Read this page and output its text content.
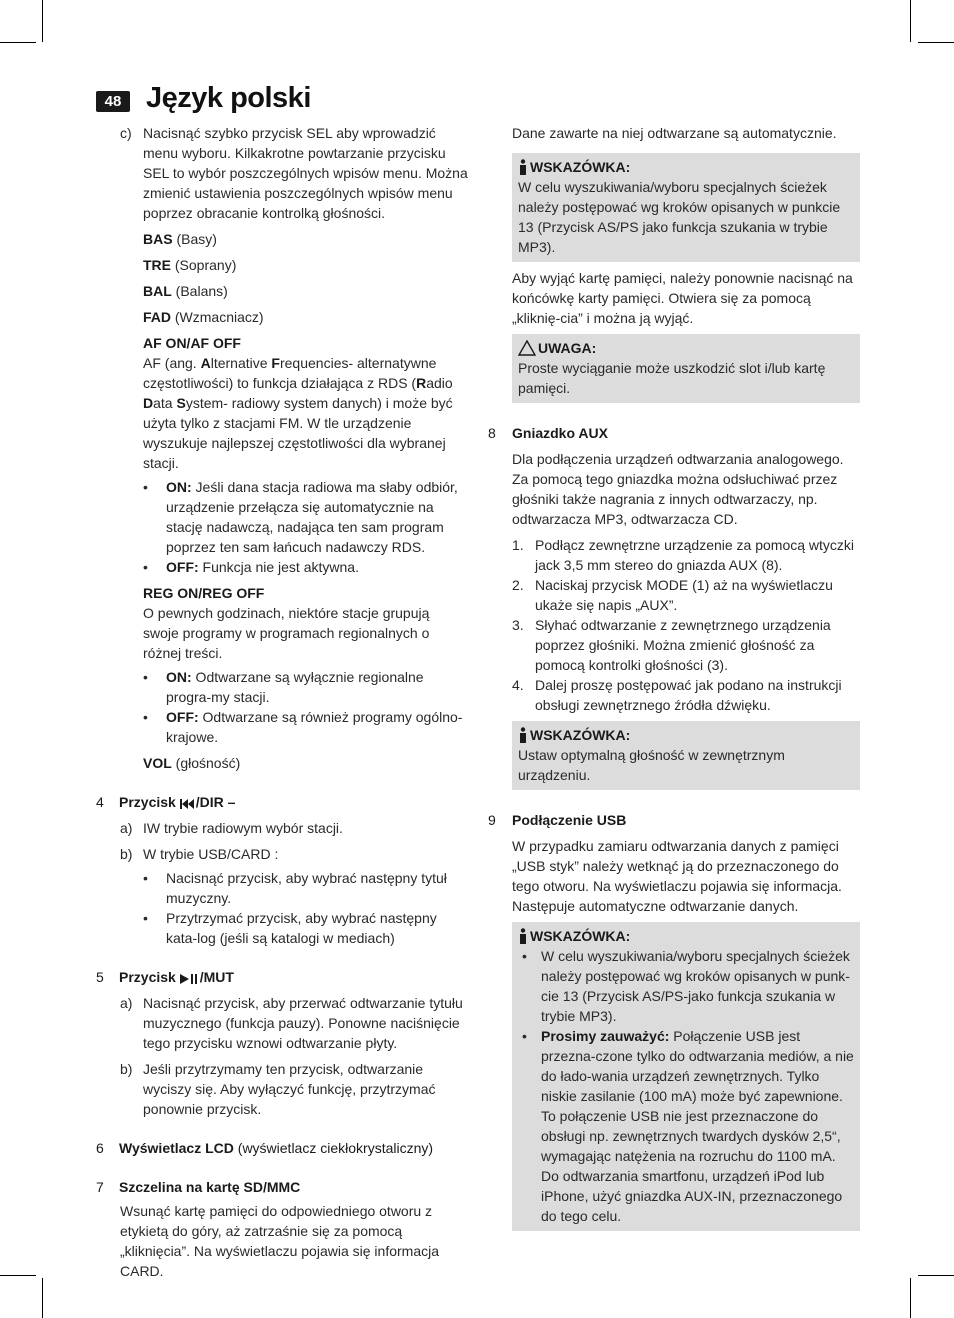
48 Język polski
c) Nacisnąć szybko przycisk SEL aby wprowadzić menu wyboru. Kilkakrotne powtarzanie przycisku SEL to wybór poszczególnych wpisów menu. Można zmienić ustawienia poszczególnych wpisów menu poprzez obracanie kontrolką głośności.
BAS (Basy)
TRE (Soprany)
BAL (Balans)
FAD (Wzmacniacz)
AF ON/AF OFF
AF (ang. Alternative Frequencies- alternatywne częstotliwości) to funkcja działająca z RDS (Radio Data System- radiowy system danych) i może być użyta tylko z stacjami FM. W tle urządzenie wyszukuje najlepszej częstotliwości dla wybranej stacji.
• ON: Jeśli dana stacja radiowa ma słaby odbiór, urządzenie przełącza się automatycznie na stację nadawczą, nadająca ten sam program poprzez ten sam łańcuch nadawczy RDS.
• OFF: Funkcja nie jest aktywna.
REG ON/REG OFF
O pewnych godzinach, niektóre stacje grupują swoje programy w programach regionalnych o różnej treści.
• ON: Odtwarzane są wyłącznie regionalne progra-my stacji.
• OFF: Odtwarzane są również programy ogólno-krajowe.
VOL (głośność)
4 Przycisk /DIR –
a) IW trybie radiowym wybór stacji.
b) W trybie USB/CARD :
• Nacisnąć przycisk, aby wybrać następny tytuł muzyczny.
• Przytrzymać przycisk, aby wybrać następny kata-log (jeśli są katalogi w mediach)
5 Przycisk /MUT
a) Nacisnąć przycisk, aby przerwać odtwarzanie tytułu muzycznego (funkcja pauzy). Ponowne naciśnięcie tego przycisku wznowi odtwarzanie płyty.
b) Jeśli przytrzymamy ten przycisk, odtwarzanie wyciszy się. Aby wyłączyć funkcję, przytrzymać ponownie przycisk.
6 Wyświetlacz LCD (wyświetlacz ciekłokrystaliczny)
7 Szczelina na kartę SD/MMC
Wsunąć kartę pamięci do odpowiedniego otworu z etykietą do góry, aż zatrzaśnie się za pomocą „kliknięcia”. Na wyświetlaczu pojawia się informacja CARD.
Dane zawarte na niej odtwarzane są automatycznie.
WSKAZÓWKA:
W celu wyszukiwania/wyboru specjalnych ścieżek należy postępować wg kroków opisanych w punkcie 13 (Przycisk AS/PS jako funkcja szukania w trybie MP3).
Aby wyjąć kartę pamięci, należy ponownie nacisnąć na końcówkę karty pamięci. Otwiera się za pomocą „kliknię-cia” i można ją wyjąć.
UWAGA:
Proste wyciąganie może uszkodzić slot i/lub kartę pamięci.
8 Gniazdko AUX
Dla podłączenia urządzeń odtwarzania analogowego. Za pomocą tego gniazdka można odsłuchiwać przez głośniki także nagrania z innych odtwarzaczy, np. odtwarzacza MP3, odtwarzacza CD.
1. Podłącz zewnętrzne urządzenie za pomocą wtyczki jack 3,5 mm stereo do gniazda AUX (8).
2. Naciskaj przycisk MODE (1) aż na wyświetlaczu ukaże się napis „AUX”.
3. Słyhać odtwarzanie z zewnętrznego urządzenia poprzez głośniki. Można zmienić głośność za pomocą kontrolki głośności (3).
4. Dalej proszę postępować jak podano na instrukcji obsługi zewnętrznego źródła dźwięku.
WSKAZÓWKA:
Ustaw optymalną głośność w zewnętrznym urządzeniu.
9 Podłączenie USB
W przypadku zamiaru odtwarzania danych z pamięci „USB styk” należy wetknąć ją do przeznaczonego do tego otworu. Na wyświetlaczu pojawia się informacja. Następuje automatyczne odtwarzanie danych.
WSKAZÓWKA:
• W celu wyszukiwania/wyboru specjalnych ścieżek należy postępować wg kroków opisanych w punk-cie 13 (Przycisk AS/PS-jako funkcja szukania w trybie MP3).
• Prosimy zauważyć: Połączenie USB jest przezna-czone tylko do odtwarzania mediów, a nie do łado-wania urządzeń zewnętrznych. Tylko niskie zasilanie (100 mA) może być zapewnione. To połączenie USB nie jest przeznaczone do obsługi np. zewnętrznych twardych dysków 2,5“, wymagając natężenia na rozruchu do 1100 mA. Do odtwarzania smartfonu, urządzeń iPod lub iPhone, użyć gniazdka AUX-IN, przeznaczonego do tego celu.
